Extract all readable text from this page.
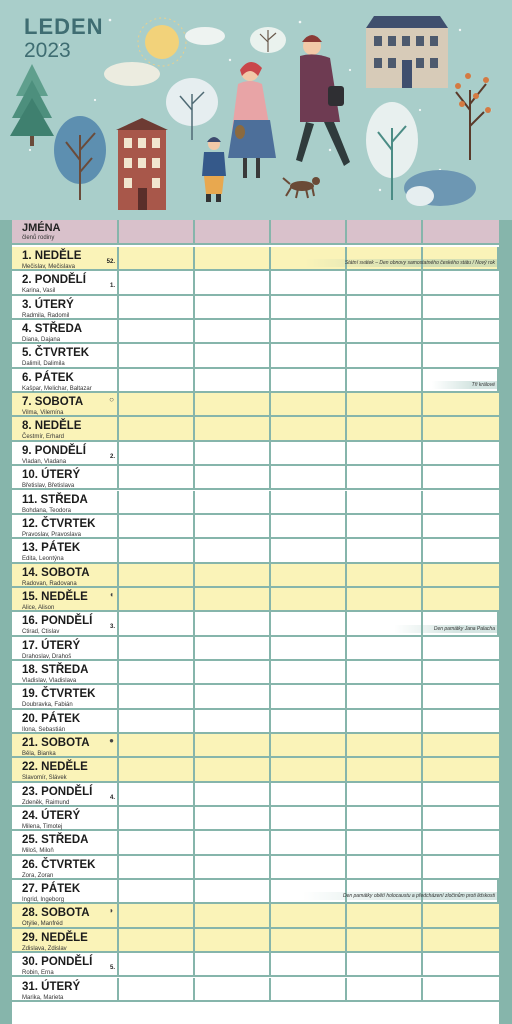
LEDEN
2023
JMÉNA
členů rodiny
1. NEDĚLE
Mečislav, Mečislava
52.	Státní svátek – Den obnovy samostatného českého státu / Nový rok
2. PONDĚLÍ
Karina, Vasil
1.
3. ÚTERÝ
Radmila, Radomil
4. STŘEDA
Diana, Dajana
5. ČTVRTEK
Dalimil, Dalimila
6. PÁTEK
Kašpar, Melichar, Baltazar
Tři králové
7. SOBOTA
Vilma, Vilemína
○
8. NEDĚLE
Čestmír, Erhard
9. PONDĚLÍ
Vladan, Vladana
2.
10. ÚTERÝ
Břetislav, Břetislava
11. STŘEDA
Bohdana, Teodora
12. ČTVRTEK
Pravoslav, Pravoslava
13. PÁTEK
Edita, Leontýna
14. SOBOTA
Radovan, Radovana
15. NEDĚLE
Alice, Alison
◖
16. PONDĚLÍ
Ctirad, Ctislav
3.	Den památky Jana Palacha
17. ÚTERÝ
Drahoslav, Drahoš
18. STŘEDA
Vladislav, Vladislava
19. ČTVRTEK
Doubravka, Fabián
20. PÁTEK
Ilona, Sebastián
21. SOBOTA
Běla, Bianka
●
22. NEDĚLE
Slavomír, Slávek
23. PONDĚLÍ
Zdeněk, Raimund
4.
24. ÚTERÝ
Milena, Timotej
25. STŘEDA
Miloš, Miloň
26. ČTVRTEK
Zora, Zoran
27. PÁTEK
Ingrid, Ingeborg
Den památky obětí holocaustu a předcházení zločinům proti lidskosti
28. SOBOTA
Otýlie, Manfréd
◗
29. NEDĚLE
Zdislava, Zdislav
30. PONDĚLÍ
Robin, Erna
5.
31. ÚTERÝ
Marika, Marieta
